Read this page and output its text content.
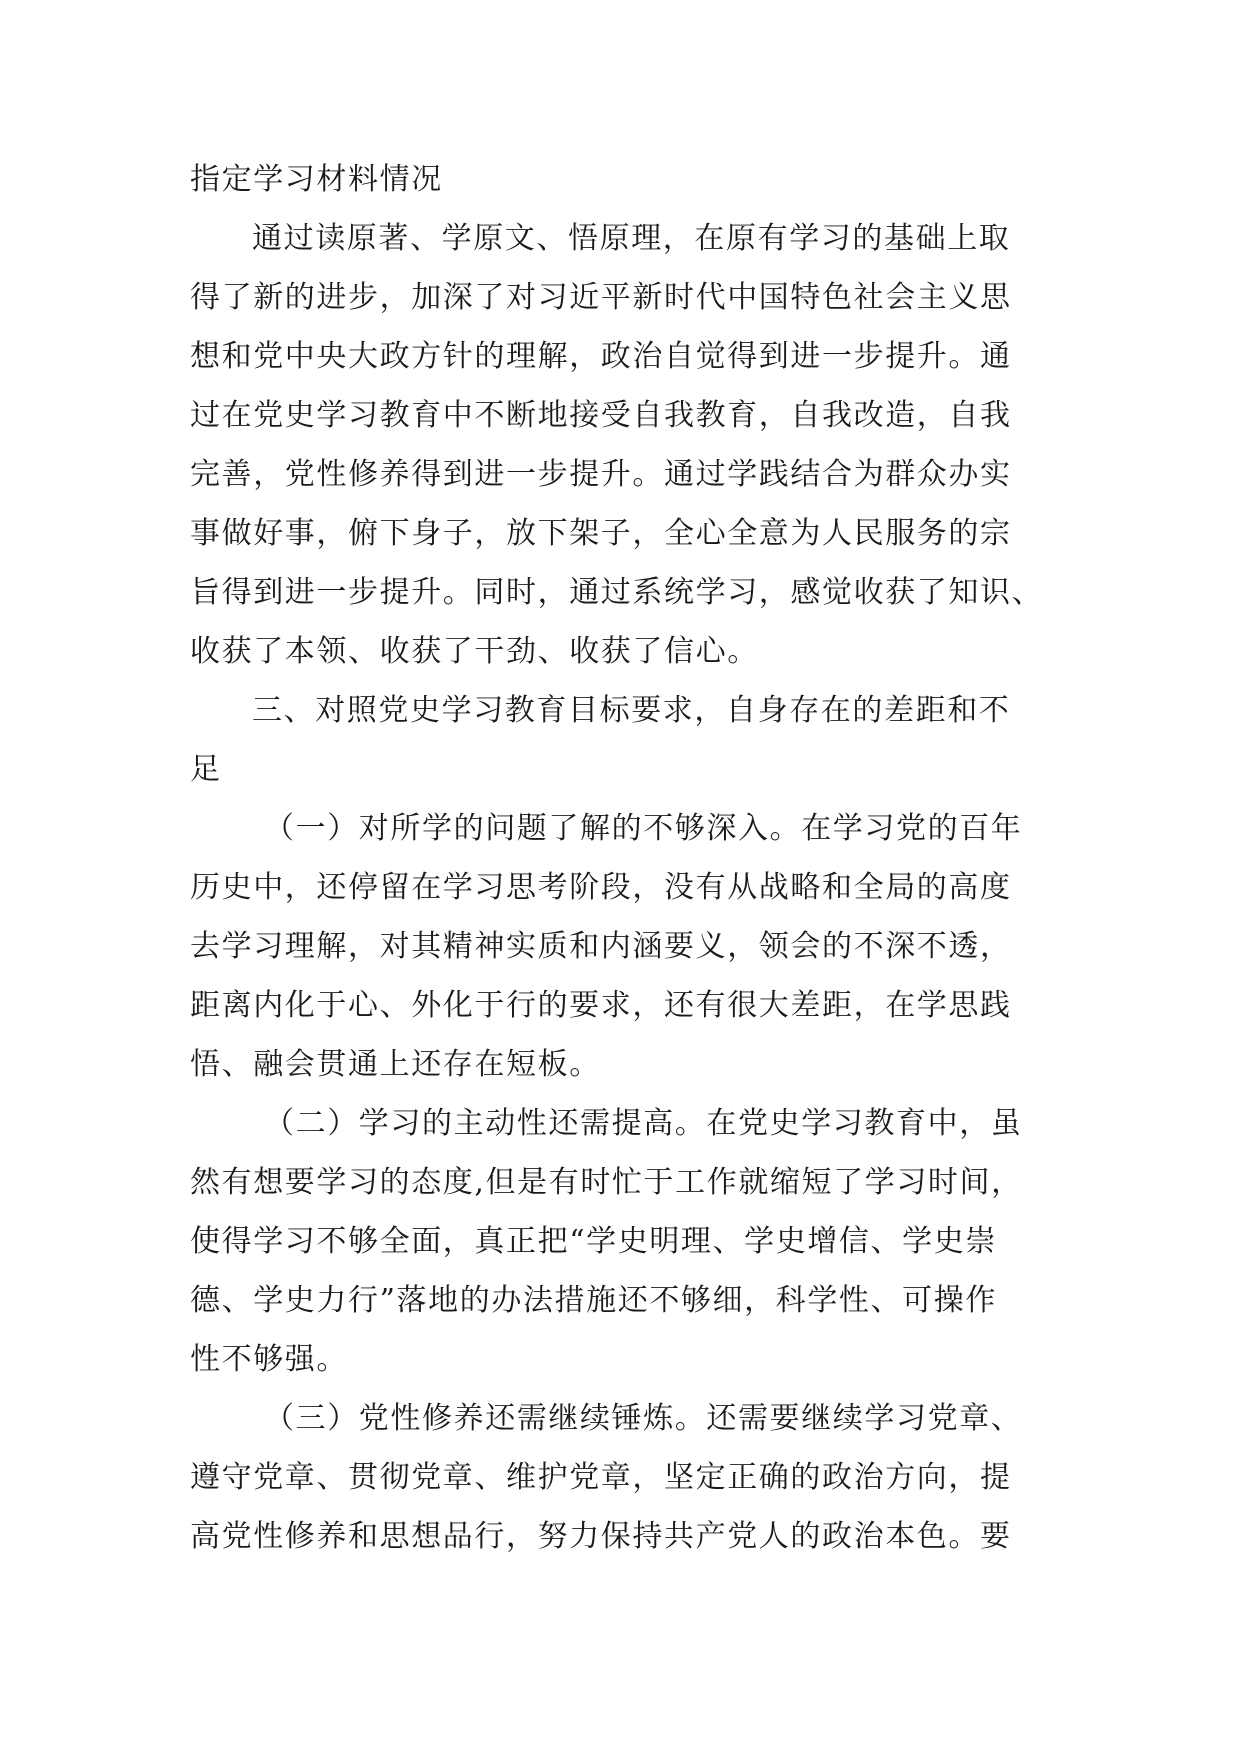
指定学习材料情况
通过读原著、学原文、悟原理，在原有学习的基础上取
得了新的进步，加深了对习近平新时代中国特色社会主义思
想和党中央大政方针的理解，政治自觉得到进一步提升。通
过在党史学习教育中不断地接受自我教育，自我改造，自我
完善，党性修养得到进一步提升。通过学践结合为群众办实
事做好事，俯下身子，放下架子，全心全意为人民服务的宗
旨得到进一步提升。同时，通过系统学习，感觉收获了知识、
收获了本领、收获了干劲、收获了信心。
三、对照党史学习教育目标要求，自身存在的差距和不
足
（一）对所学的问题了解的不够深入。在学习党的百年
历史中，还停留在学习思考阶段，没有从战略和全局的高度
去学习理解，对其精神实质和内涵要义，领会的不深不透，
距离内化于心、外化于行的要求，还有很大差距，在学思践
悟、融会贯通上还存在短板。
（二）学习的主动性还需提高。在党史学习教育中，虽
然有想要学习的态度,但是有时忙于工作就缩短了学习时间，
使得学习不够全面，真正把“学史明理、学史增信、学史崇
德、学史力行”落地的办法措施还不够细，科学性、可操作
性不够强。
（三）党性修养还需继续锤炼。还需要继续学习党章、
遵守党章、贯彻党章、维护党章，坚定正确的政治方向，提
高党性修养和思想品行，努力保持共产党人的政治本色。要
